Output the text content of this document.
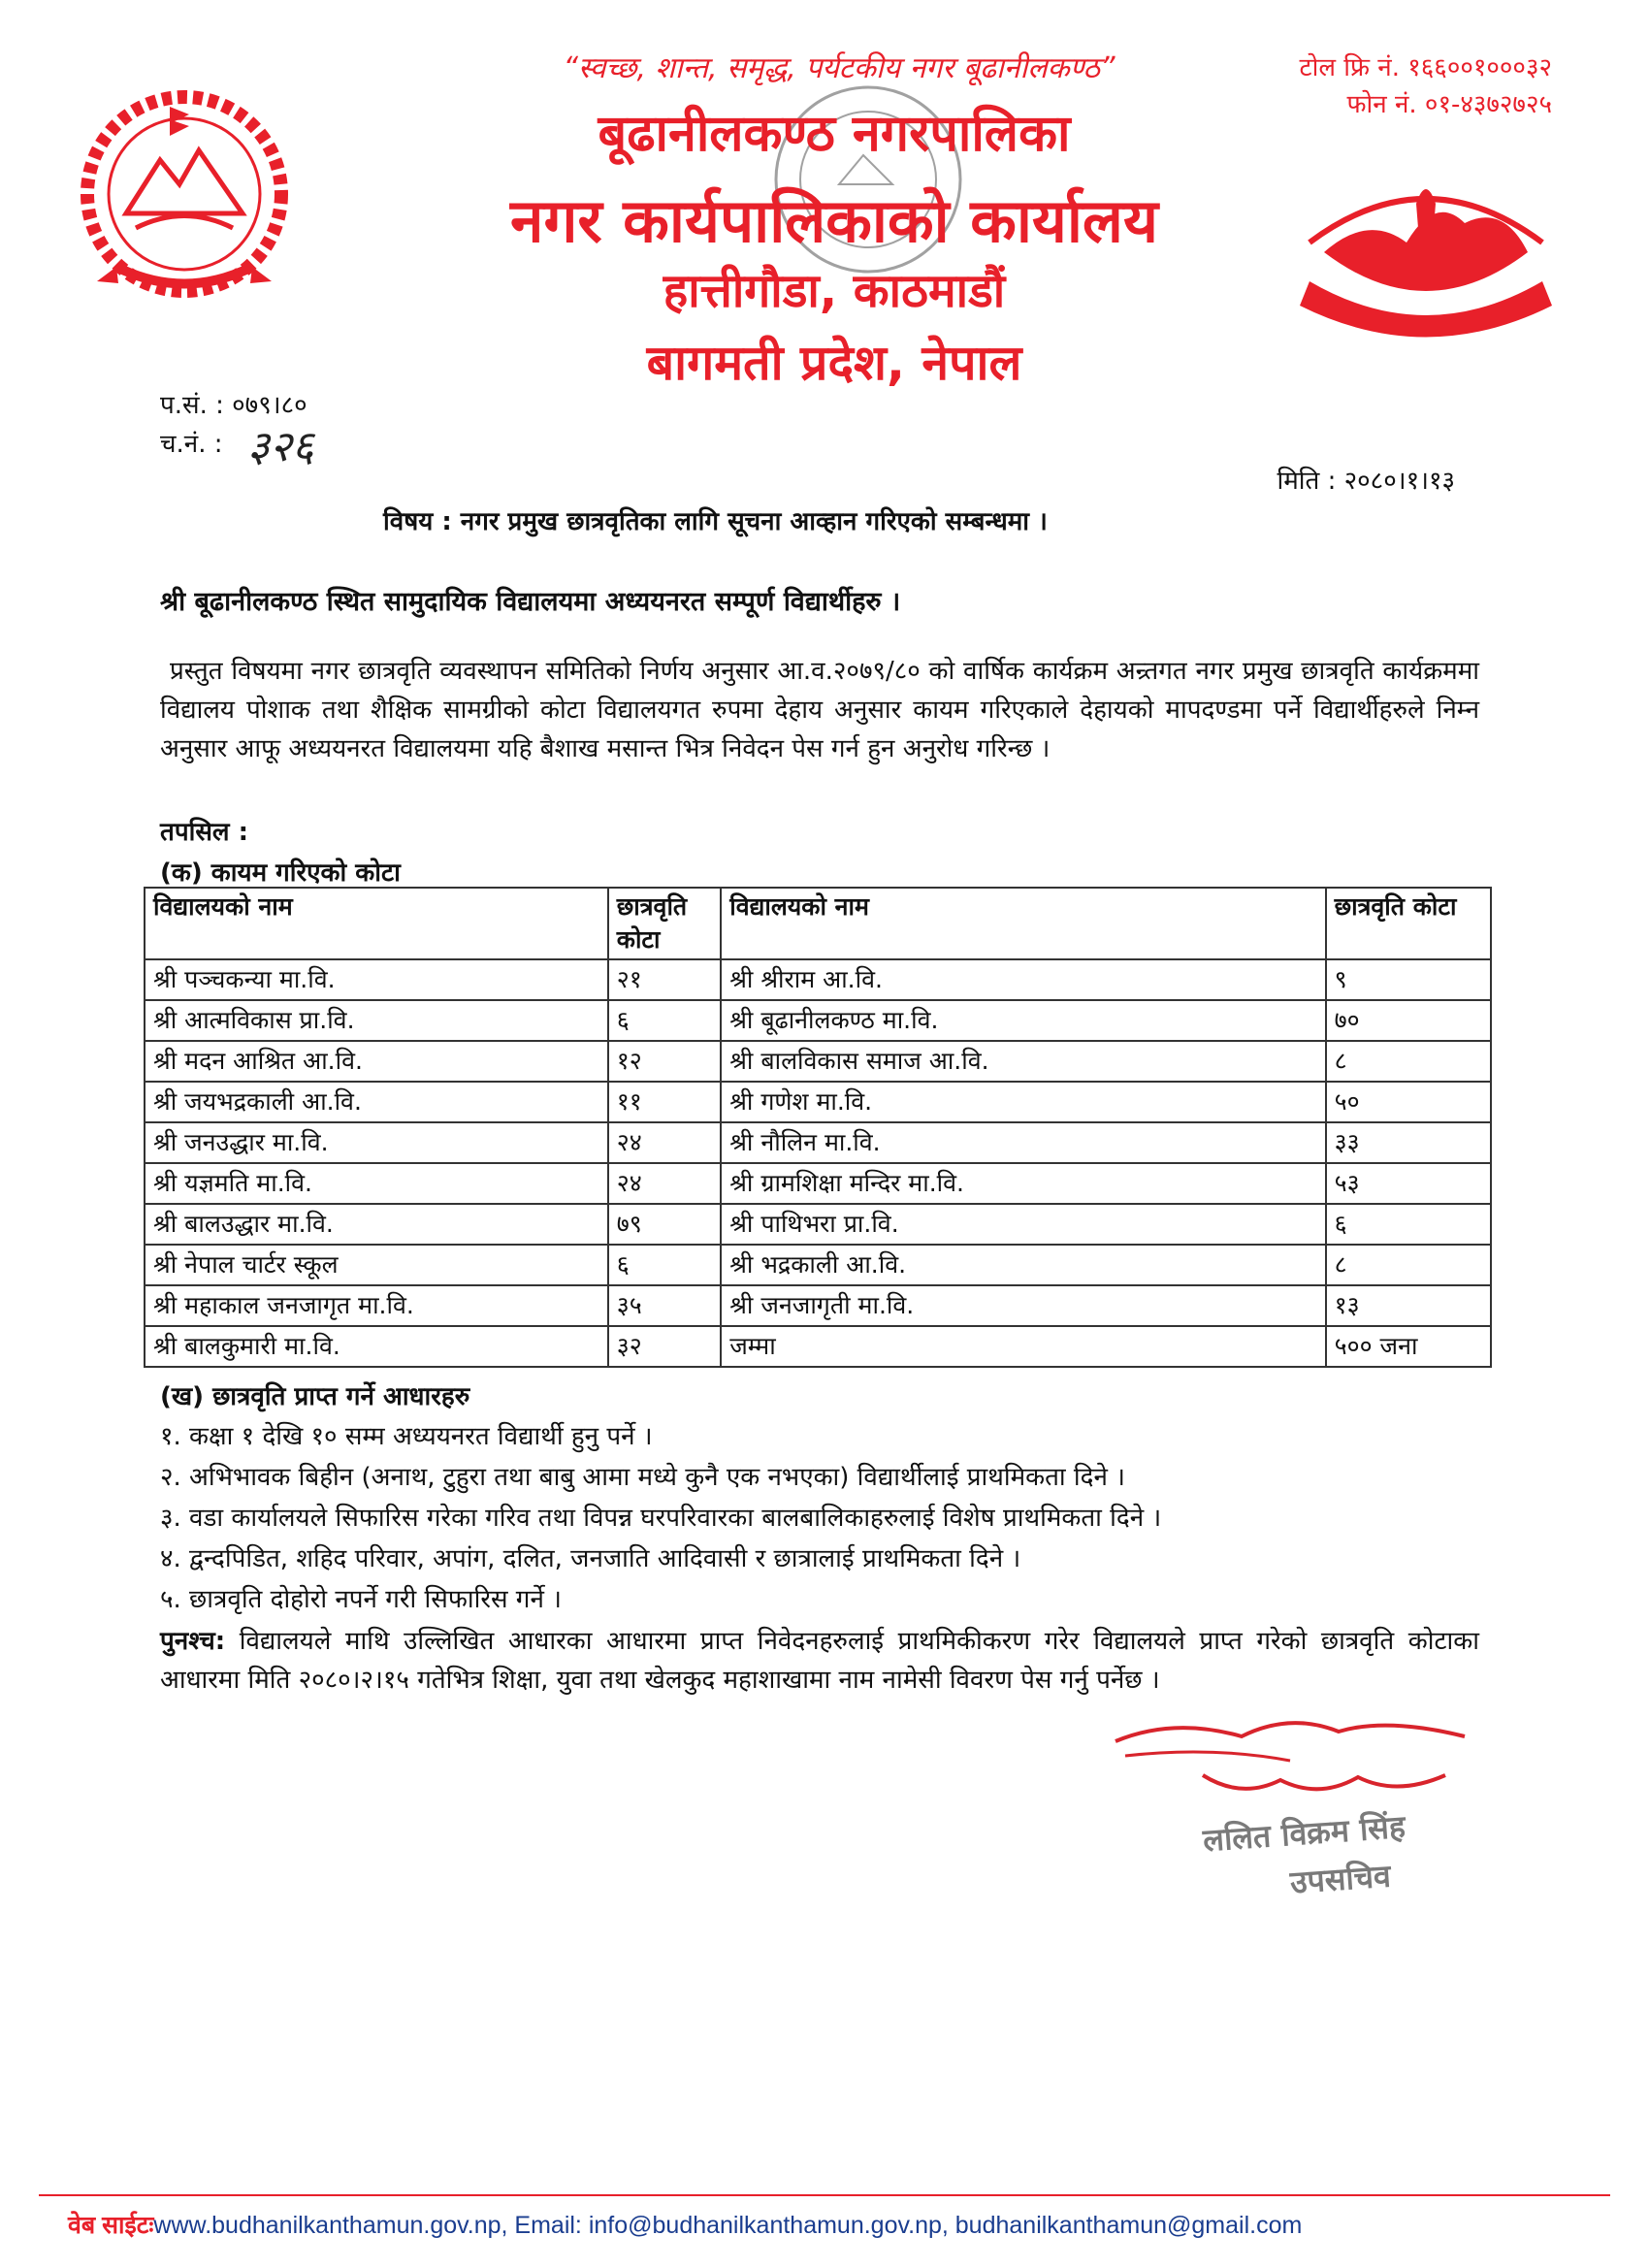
“स्वच्छ, शान्त, समृद्ध, पर्यटकीय नगर बूढानीलकण्ठ”
बूढानीलकण्ठ नगरपालिका
नगर कार्यपालिकाको कार्यालय
हात्तीगौडा, काठमाडौं
बागमती प्रदेश, नेपाल
टोल फ्रि नं. १६६००१०००३२
फोन नं. ०१-४३७२७२५
प.सं. : ०७९।८०
च.नं. : ३२६
मिति : २०८०।१।१३
विषय : नगर प्रमुख छात्रवृतिका लागि सूचना आव्हान गरिएको सम्बन्धमा ।
श्री बूढानीलकण्ठ स्थित सामुदायिक विद्यालयमा अध्ययनरत सम्पूर्ण विद्यार्थीहरु ।
प्रस्तुत विषयमा नगर छात्रवृति व्यवस्थापन समितिको निर्णय अनुसार आ.व.२०७९/८० को वार्षिक कार्यक्रम अन्र्तगत नगर प्रमुख छात्रवृति कार्यक्रममा विद्यालय पोशाक तथा शैक्षिक सामग्रीको कोटा विद्यालयगत रुपमा देहाय अनुसार कायम गरिएकाले देहायको मापदण्डमा पर्ने विद्यार्थीहरुले निम्न अनुसार आफू अध्ययनरत विद्यालयमा यहि बैशाख मसान्त भित्र निवेदन पेस गर्न हुन अनुरोध गरिन्छ ।
तपसिल :
(क) कायम गरिएको कोटा
विद्यालयको नाम	छात्रवृति कोटा	विद्यालयको नाम	छात्रवृति कोटा
श्री पञ्चकन्या मा.वि.	२१	श्री श्रीराम आ.वि.	९
श्री आत्मविकास प्रा.वि.	६	श्री बूढानीलकण्ठ मा.वि.	७०
श्री मदन आश्रित आ.वि.	१२	श्री बालविकास समाज आ.वि.	८
श्री जयभद्रकाली आ.वि.	११	श्री गणेश मा.वि.	५०
श्री जनउद्धार मा.वि.	२४	श्री नौलिन मा.वि.	३३
श्री यज्ञमति मा.वि.	२४	श्री ग्रामशिक्षा मन्दिर मा.वि.	५३
श्री बालउद्धार मा.वि.	७९	श्री पाथिभरा प्रा.वि.	६
श्री नेपाल चार्टर स्कूल	६	श्री भद्रकाली आ.वि.	८
श्री महाकाल जनजागृत मा.वि.	३५	श्री जनजागृती मा.वि.	१३
श्री बालकुमारी मा.वि.	३२	जम्मा	५०० जना
(ख) छात्रवृति प्राप्त गर्ने आधारहरु
१. कक्षा १ देखि १० सम्म अध्ययनरत विद्यार्थी हुनु पर्ने ।
२. अभिभावक बिहीन (अनाथ, टुहुरा तथा बाबु आमा मध्ये कुनै एक नभएका) विद्यार्थीलाई प्राथमिकता दिने ।
३. वडा कार्यालयले सिफारिस गरेका गरिव तथा विपन्न घरपरिवारका बालबालिकाहरुलाई विशेष प्राथमिकता दिने ।
४. द्वन्दपिडित, शहिद परिवार, अपांग, दलित, जनजाति आदिवासी र छात्रालाई प्राथमिकता दिने ।
५. छात्रवृति दोहोरो नपर्ने गरी सिफारिस गर्ने ।
पुनश्च: विद्यालयले माथि उल्लिखित आधारका आधारमा प्राप्त निवेदनहरुलाई प्राथमिकीकरण गरेर विद्यालयले प्राप्त गरेको छात्रवृति कोटाका आधारमा मिति २०८०।२।१५ गतेभित्र शिक्षा, युवा तथा खेलकुद महाशाखामा नाम नामेसी विवरण पेस गर्नु पर्नेछ ।
ललित विक्रम सिंह
उपसचिव
वेब साईटःwww.budhanilkanthamun.gov.np, Email: info@budhanilkanthamun.gov.np, budhanilkanthamun@gmail.com
